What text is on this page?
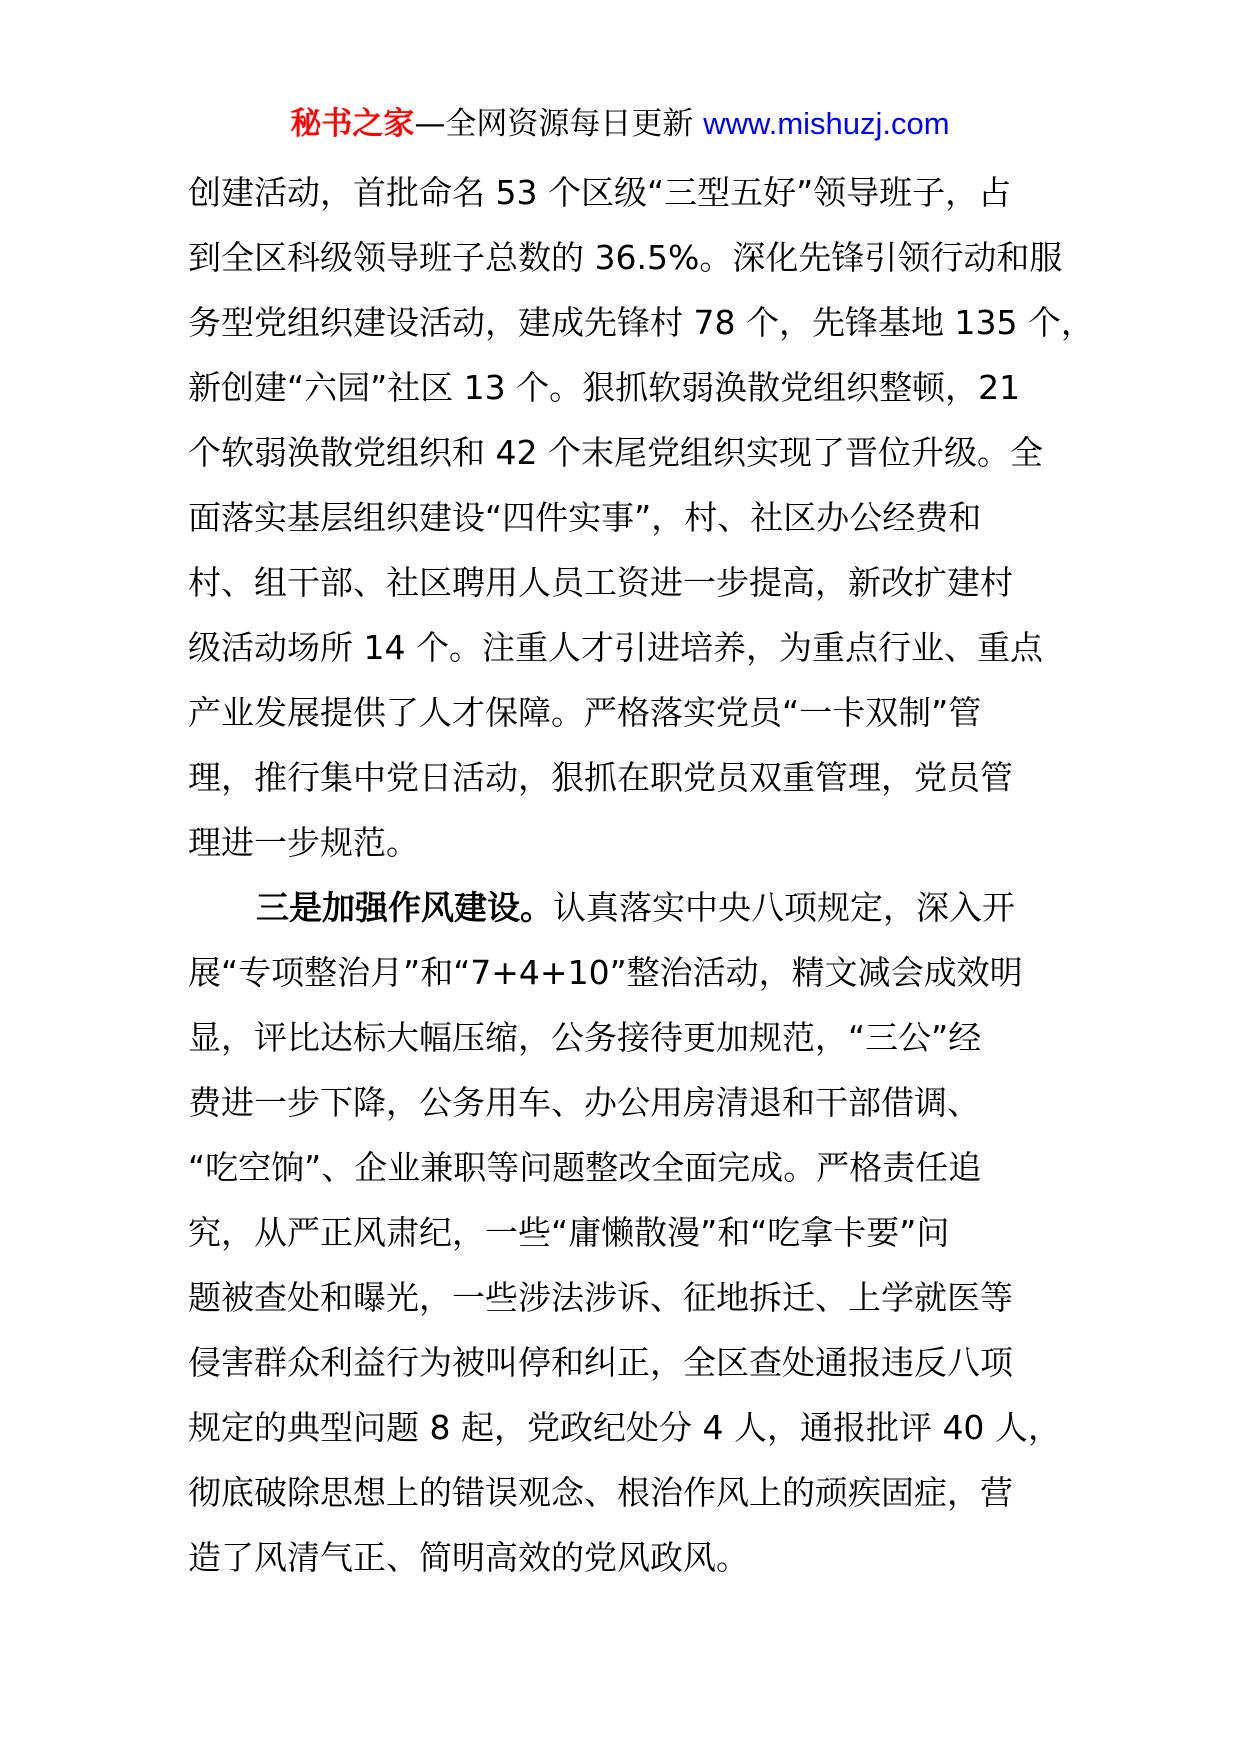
秘书之家—全网资源每日更新 www.mishuzj.com
创建活动，首批命名 53 个区级“三型五好”领导班子，占
到全区科级领导班子总数的 36.5%。深化先锋引领行动和服
务型党组织建设活动，建成先锋村 78 个，先锋基地 135 个，
新创建“六园”社区 13 个。狠抓软弱涣散党组织整顿，21
个软弱涣散党组织和 42 个末尾党组织实现了晋位升级。全
面落实基层组织建设“四件实事”，村、社区办公经费和
村、组干部、社区聘用人员工资进一步提高，新改扩建村
级活动场所 14 个。注重人才引进培养，为重点行业、重点
产业发展提供了人才保障。严格落实党员“一卡双制”管
理，推行集中党日活动，狠抓在职党员双重管理，党员管
理进一步规范。
三是加强作风建设。认真落实中央八项规定，深入开
展“专项整治月”和“7+4+10”整治活动，精文减会成效明
显，评比达标大幅压缩，公务接待更加规范，“三公”经
费进一步下降，公务用车、办公用房清退和干部借调、
“吃空饷”、企业兼职等问题整改全面完成。严格责任追
究，从严正风肃纪，一些“庸懒散漫”和“吃拿卡要”问
题被查处和曝光，一些涉法涉诉、征地拆迁、上学就医等
侵害群众利益行为被叫停和纠正，全区查处通报违反八项
规定的典型问题 8 起，党政纪处分 4 人，通报批评 40 人，
彻底破除思想上的错误观念、根治作风上的顽疾固症，营
造了风清气正、简明高效的党风政风。
